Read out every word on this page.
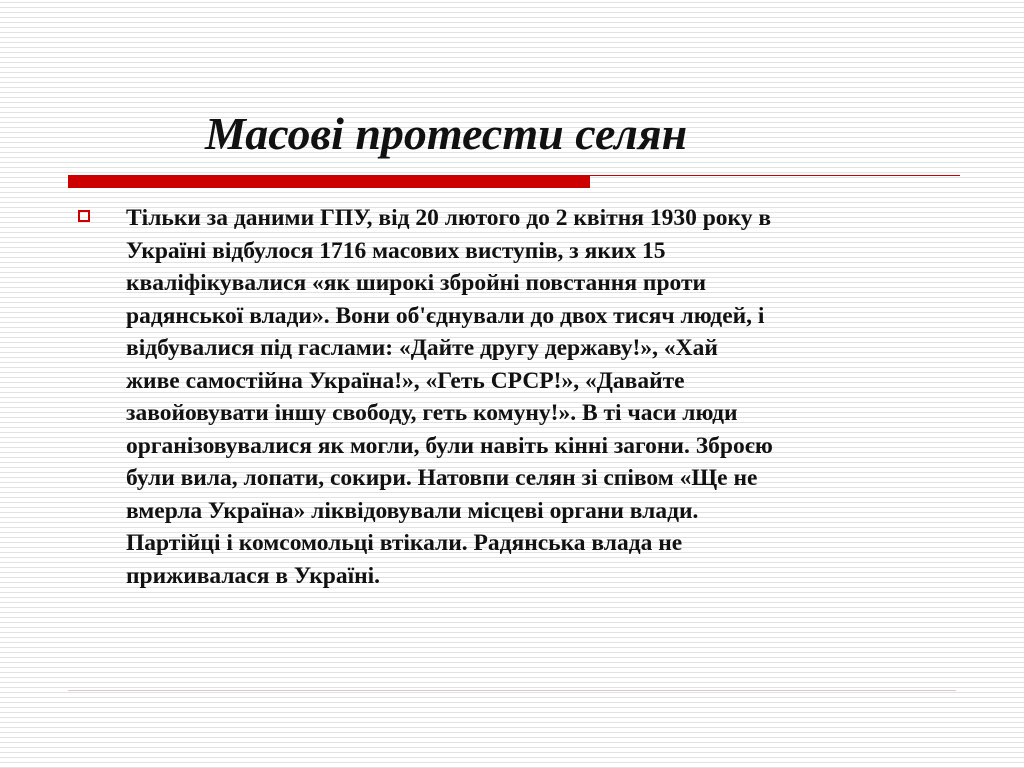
Масові протести селян

Тільки за даними ГПУ, від 20 лютого до 2 квітня 1930 року в
Україні відбулося 1716 масових виступів, з яких 15
кваліфікувалися «як широкі збройні повстання проти
радянської влади». Вони об'єднували до двох тисяч людей, і
відбувалися під гаслами: «Дайте другу державу!», «Хай
живе самостійна Україна!», «Геть СРСР!», «Давайте
завойовувати іншу свободу, геть комуну!». В ті часи люди
організовувалися як могли, були навіть кінні загони. Зброєю
були вила, лопати, сокири. Натовпи селян зі співом «Ще не
вмерла Україна» ліквідовували місцеві органи влади.
Партійці і комсомольці втікали. Радянська влада не
приживалася в Україні.
